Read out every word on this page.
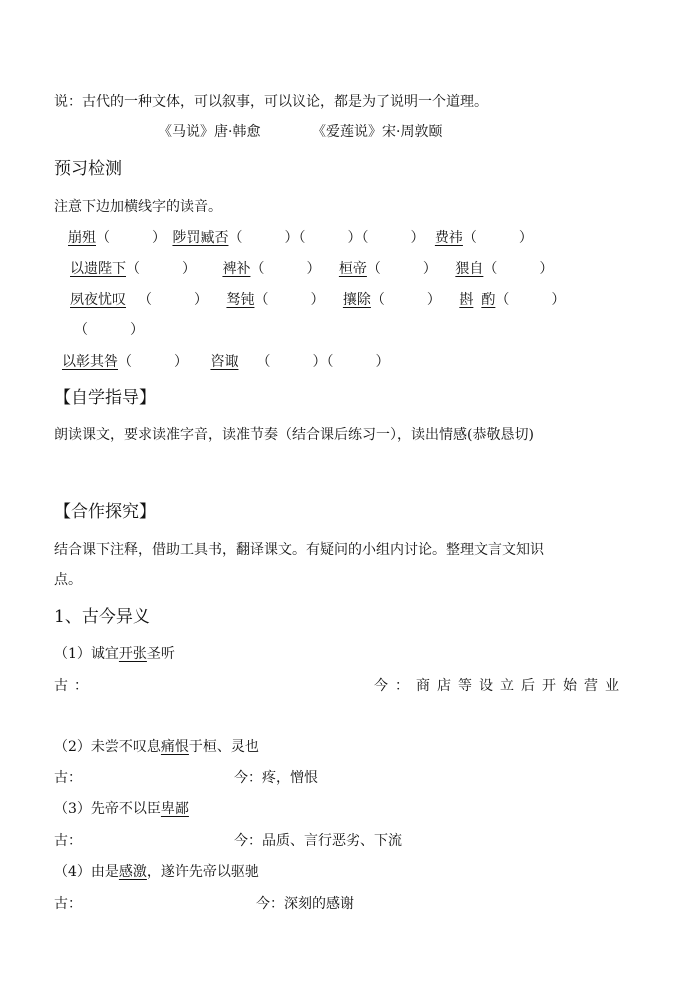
说：古代的一种文体，可以叙事，可以议论，都是为了说明一个道理。
《马说》唐·韩愈	《爱莲说》宋·周敦颐
预习检测
注意下边加横线字的读音。
崩殂（　　　） 陟罚臧否（　　　）（　　　）（　　　） 费祎（　　　）
以遗陛下（　　　） 裨补（　　　） 桓帝（　　　） 猥自（　　　）
夙夜忧叹 （　　　） 驽钝（　　　） 攘除（　　　） 斟 酌（　　　）
（　　　）
以彰其咎（　　　） 咨诹 （　　　）（　　　）
【自学指导】
朗读课文，要求读准字音，读准节奏（结合课后练习一），读出情感(恭敬恳切)
【合作探究】
结合课下注释，借助工具书，翻译课文。有疑问的小组内讨论。整理文言文知识
点。
1、古今异义
（1）诚宜开张圣听
古：	今：商店等设立后开始营业
（2）未尝不叹息痛恨于桓、灵也
古：	今：疼，憎恨
（3）先帝不以臣卑鄙
古：	今：品质、言行恶劣、下流
（4）由是感激，遂许先帝以驱驰
古：	今：深刻的感谢
